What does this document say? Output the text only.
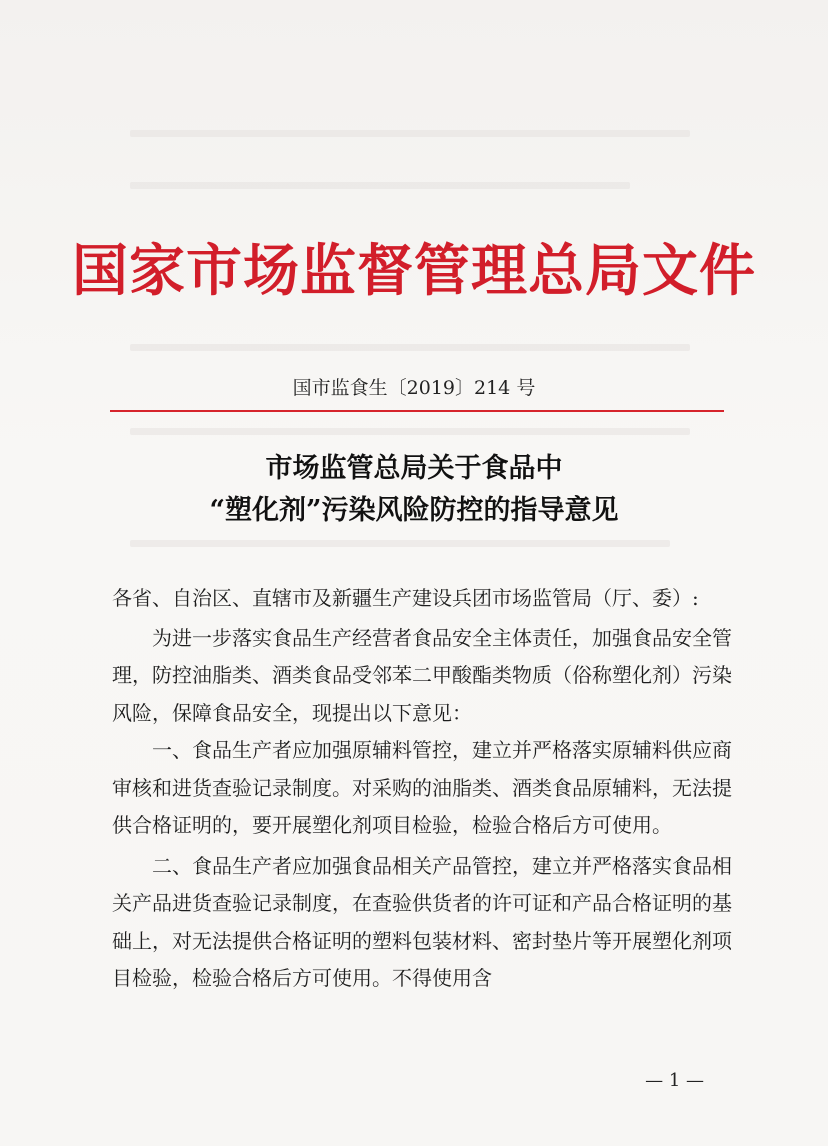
国家市场监督管理总局文件
国市监食生〔2019〕214 号
市场监管总局关于食品中
“塑化剂”污染风险防控的指导意见

各省、自治区、直辖市及新疆生产建设兵团市场监管局（厅、委）:

为进一步落实食品生产经营者食品安全主体责任，加强食品安全管理，防控油脂类、酒类食品受邻苯二甲酸酯类物质（俗称塑化剂）污染风险，保障食品安全，现提出以下意见：

一、食品生产者应加强原辅料管控，建立并严格落实原辅料供应商审核和进货查验记录制度。对采购的油脂类、酒类食品原辅料，无法提供合格证明的，要开展塑化剂项目检验，检验合格后方可使用。

二、食品生产者应加强食品相关产品管控，建立并严格落实食品相关产品进货查验记录制度，在查验供货者的许可证和产品合格证明的基础上，对无法提供合格证明的塑料包装材料、密封垫片等开展塑化剂项目检验，检验合格后方可使用。不得使用含

— 1 —
